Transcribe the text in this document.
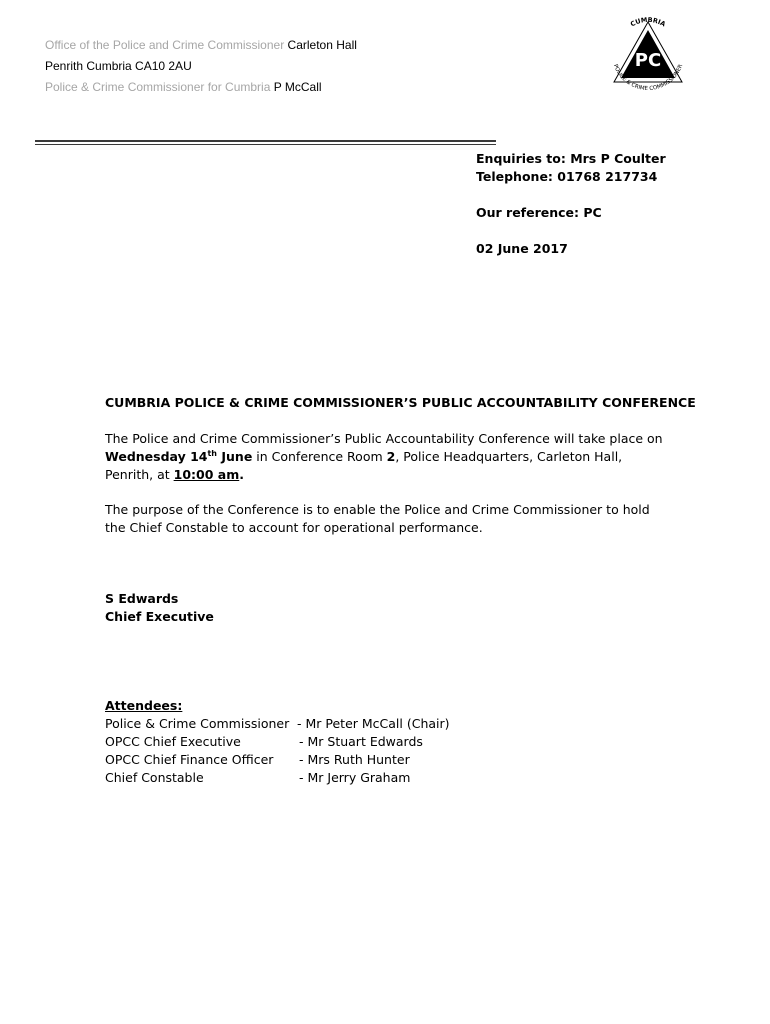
Office of the Police and Crime Commissioner Carleton Hall
Penrith Cumbria CA10 2AU
Police & Crime Commissioner for Cumbria P McCall
PC
CUMBRIA
POLICE & CRIME COMMISSIONER
Enquiries to: Mrs P Coulter
Telephone: 01768 217734
Our reference: PC
02 June 2017
CUMBRIA POLICE & CRIME COMMISSIONER’S PUBLIC ACCOUNTABILITY CONFERENCE
The Police and Crime Commissioner’s Public Accountability Conference will take place on
Wednesday 14th June in Conference Room 2, Police Headquarters, Carleton Hall,
Penrith, at 10:00 am.
The purpose of the Conference is to enable the Police and Crime Commissioner to hold
the Chief Constable to account for operational performance.
S Edwards
Chief Executive
Attendees:
Police & Crime Commissioner - Mr Peter McCall (Chair)
OPCC Chief Executive	- Mr Stuart Edwards
OPCC Chief Finance Officer - Mrs Ruth Hunter
Chief Constable	- Mr Jerry Graham
